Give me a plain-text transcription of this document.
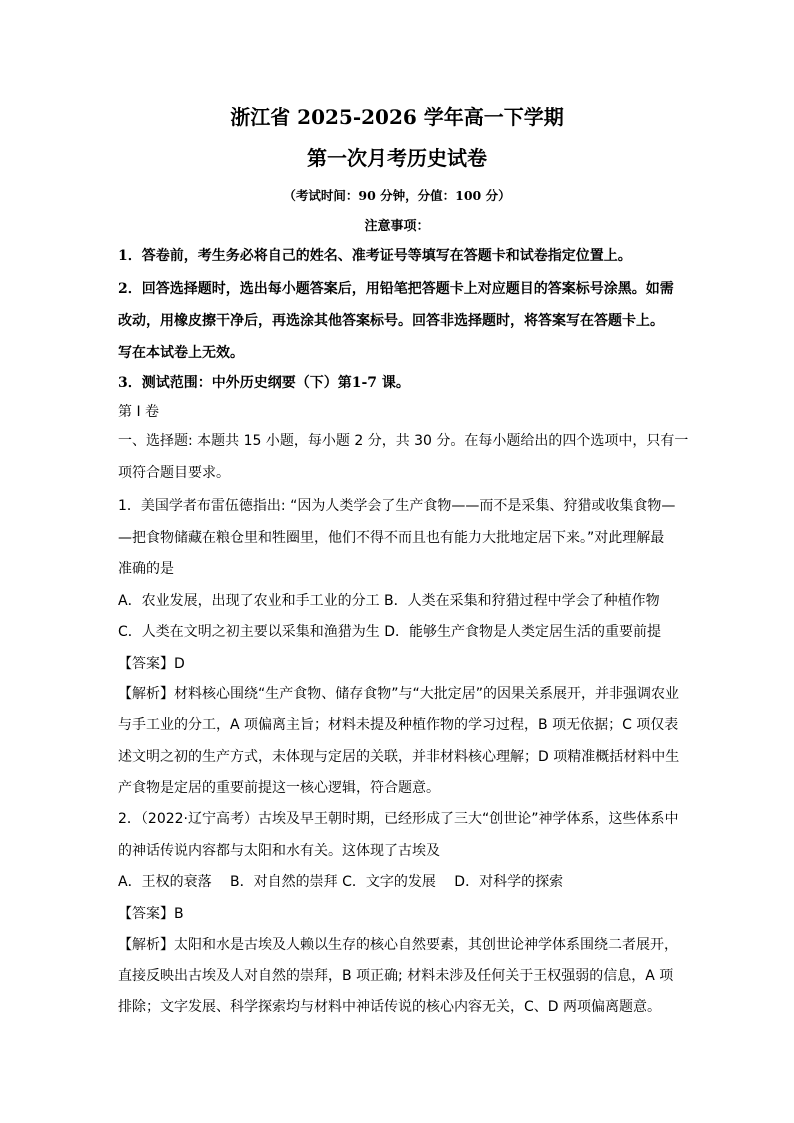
浙江省 2025-2026 学年高一下学期
第一次月考历史试卷
（考试时间：90 分钟，分值：100 分）
注意事项：
1．答卷前，考生务必将自己的姓名、准考证号等填写在答题卡和试卷指定位置上。
2．回答选择题时，选出每小题答案后，用铅笔把答题卡上对应题目的答案标号涂黑。如需
改动，用橡皮擦干净后，再选涂其他答案标号。回答非选择题时，将答案写在答题卡上。
写在本试卷上无效。
3．测试范围：中外历史纲要（下）第1-7 课。
第 I 卷
一、选择题: 本题共 15 小题，每小题 2 分，共 30 分。在每小题给出的四个选项中，只有一
项符合题目要求。
1．美国学者布雷伍德指出: “因为人类学会了生产食物——而不是采集、狩猎或收集食物—
—把食物储藏在粮仓里和牲圈里，他们不得不而且也有能力大批地定居下来。”对此理解最
准确的是
A．农业发展，出现了农业和手工业的分工 B．人类在采集和狩猎过程中学会了种植作物
C．人类在文明之初主要以采集和渔猎为生 D．能够生产食物是人类定居生活的重要前提
【答案】D
【解析】材料核心围绕“生产食物、储存食物”与“大批定居”的因果关系展开，并非强调农业
与手工业的分工，A 项偏离主旨；材料未提及种植作物的学习过程，B 项无依据；C 项仅表
述文明之初的生产方式，未体现与定居的关联，并非材料核心理解；D 项精准概括材料中生
产食物是定居的重要前提这一核心逻辑，符合题意。
2．（2022·辽宁高考）古埃及早王朝时期，已经形成了三大“创世论”神学体系，这些体系中
的神话传说内容都与太阳和水有关。这体现了古埃及
A．王权的衰落　 B．对自然的崇拜 C．文字的发展　 D．对科学的探索
【答案】B
【解析】太阳和水是古埃及人赖以生存的核心自然要素，其创世论神学体系围绕二者展开，
直接反映出古埃及人对自然的崇拜，B 项正确; 材料未涉及任何关于王权强弱的信息，A 项
排除；文字发展、科学探索均与材料中神话传说的核心内容无关，C、D 两项偏离题意。
